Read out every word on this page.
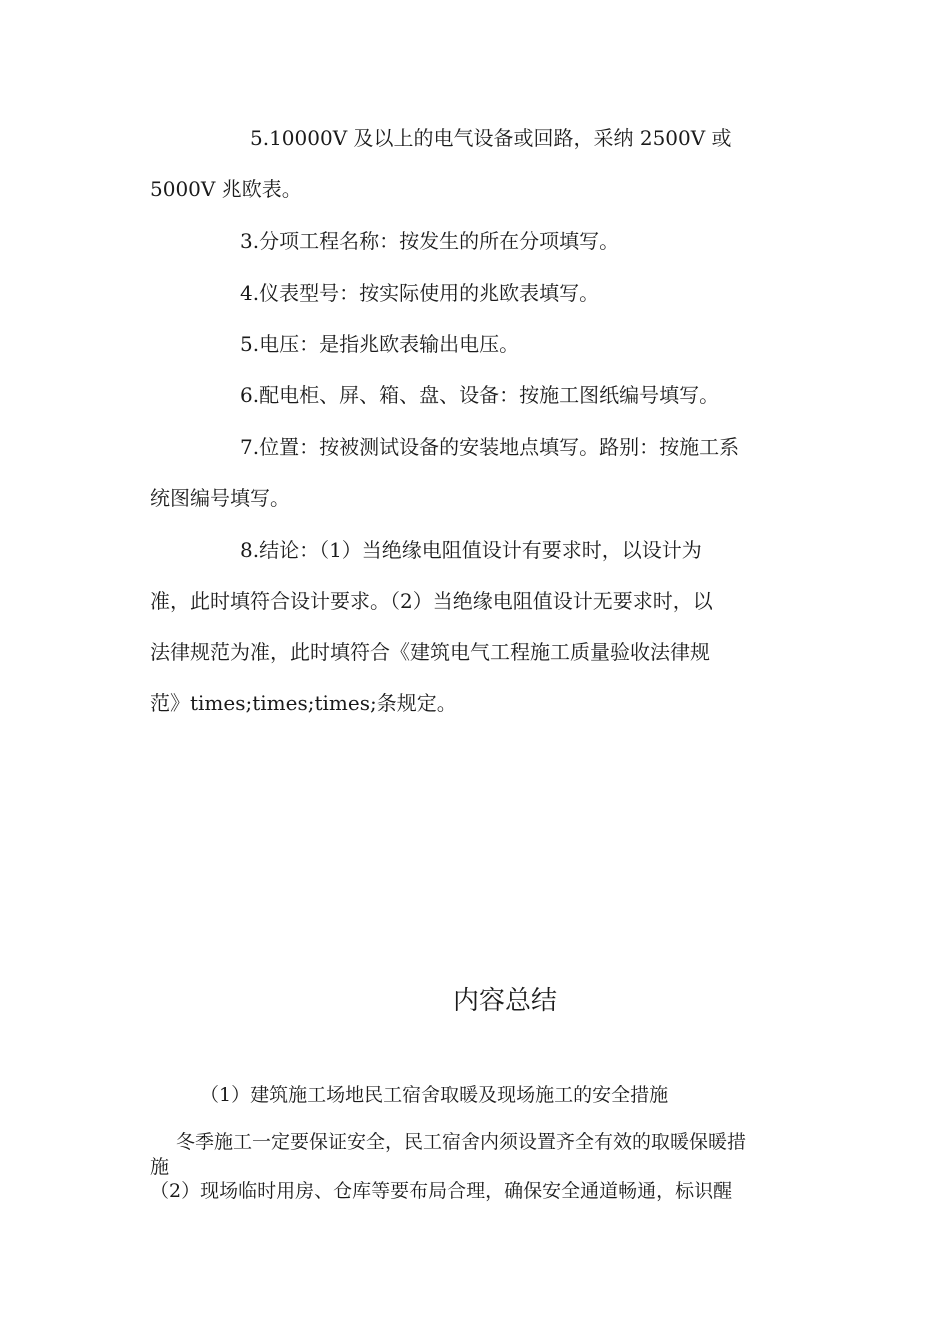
5.10000V 及以上的电气设备或回路，采纳 2500V 或
5000V 兆欧表。
3.分项工程名称：按发生的所在分项填写。
4.仪表型号：按实际使用的兆欧表填写。
5.电压：是指兆欧表输出电压。
6.配电柜、屏、箱、盘、设备：按施工图纸编号填写。
7.位置：按被测试设备的安装地点填写。路别：按施工系
统图编号填写。
8.结论：（1）当绝缘电阻值设计有要求时，以设计为
准，此时填符合设计要求。（2）当绝缘电阻值设计无要求时，以
法律规范为准，此时填符合《建筑电气工程施工质量验收法律规
范》times;times;times;条规定。
内容总结
（1）建筑施工场地民工宿舍取暖及现场施工的安全措施
冬季施工一定要保证安全，民工宿舍内须设置齐全有效的取暖保暖措
施
（2）现场临时用房、仓库等要布局合理，确保安全通道畅通，标识醒
